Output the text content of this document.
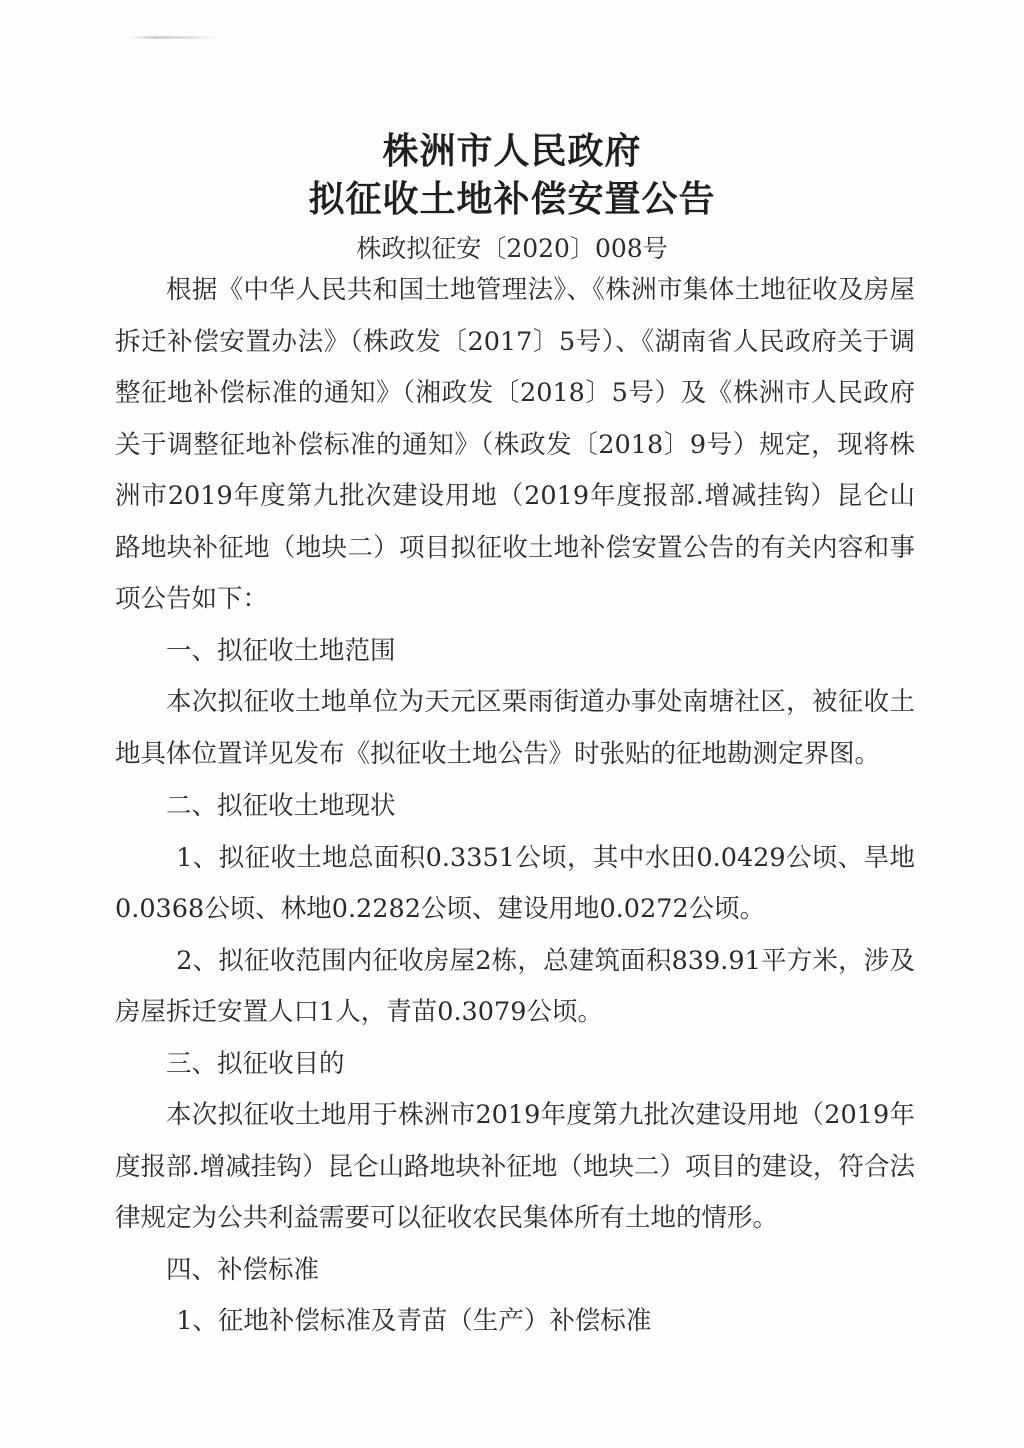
株洲市人民政府
拟征收土地补偿安置公告
株政拟征安〔2020〕008号

根据《中华人民共和国土地管理法》、《株洲市集体土地征收及房屋拆迁补偿安置办法》（株政发〔2017〕5号）、《湖南省人民政府关于调整征地补偿标准的通知》（湘政发〔2018〕5号）及《株洲市人民政府关于调整征地补偿标准的通知》（株政发〔2018〕9号）规定，现将株洲市2019年度第九批次建设用地（2019年度报部.增减挂钩）昆仑山路地块补征地（地块二）项目拟征收土地补偿安置公告的有关内容和事项公告如下：

一、拟征收土地范围

本次拟征收土地单位为天元区栗雨街道办事处南塘社区，被征收土地具体位置详见发布《拟征收土地公告》时张贴的征地勘测定界图。

二、拟征收土地现状

1、拟征收土地总面积0.3351公顷，其中水田0.0429公顷、旱地0.0368公顷、林地0.2282公顷、建设用地0.0272公顷。

2、拟征收范围内征收房屋2栋，总建筑面积839.91平方米，涉及房屋拆迁安置人口1人，青苗0.3079公顷。

三、拟征收目的

本次拟征收土地用于株洲市2019年度第九批次建设用地（2019年度报部.增减挂钩）昆仑山路地块补征地（地块二）项目的建设，符合法律规定为公共利益需要可以征收农民集体所有土地的情形。

四、补偿标准

1、征地补偿标准及青苗（生产）补偿标准
